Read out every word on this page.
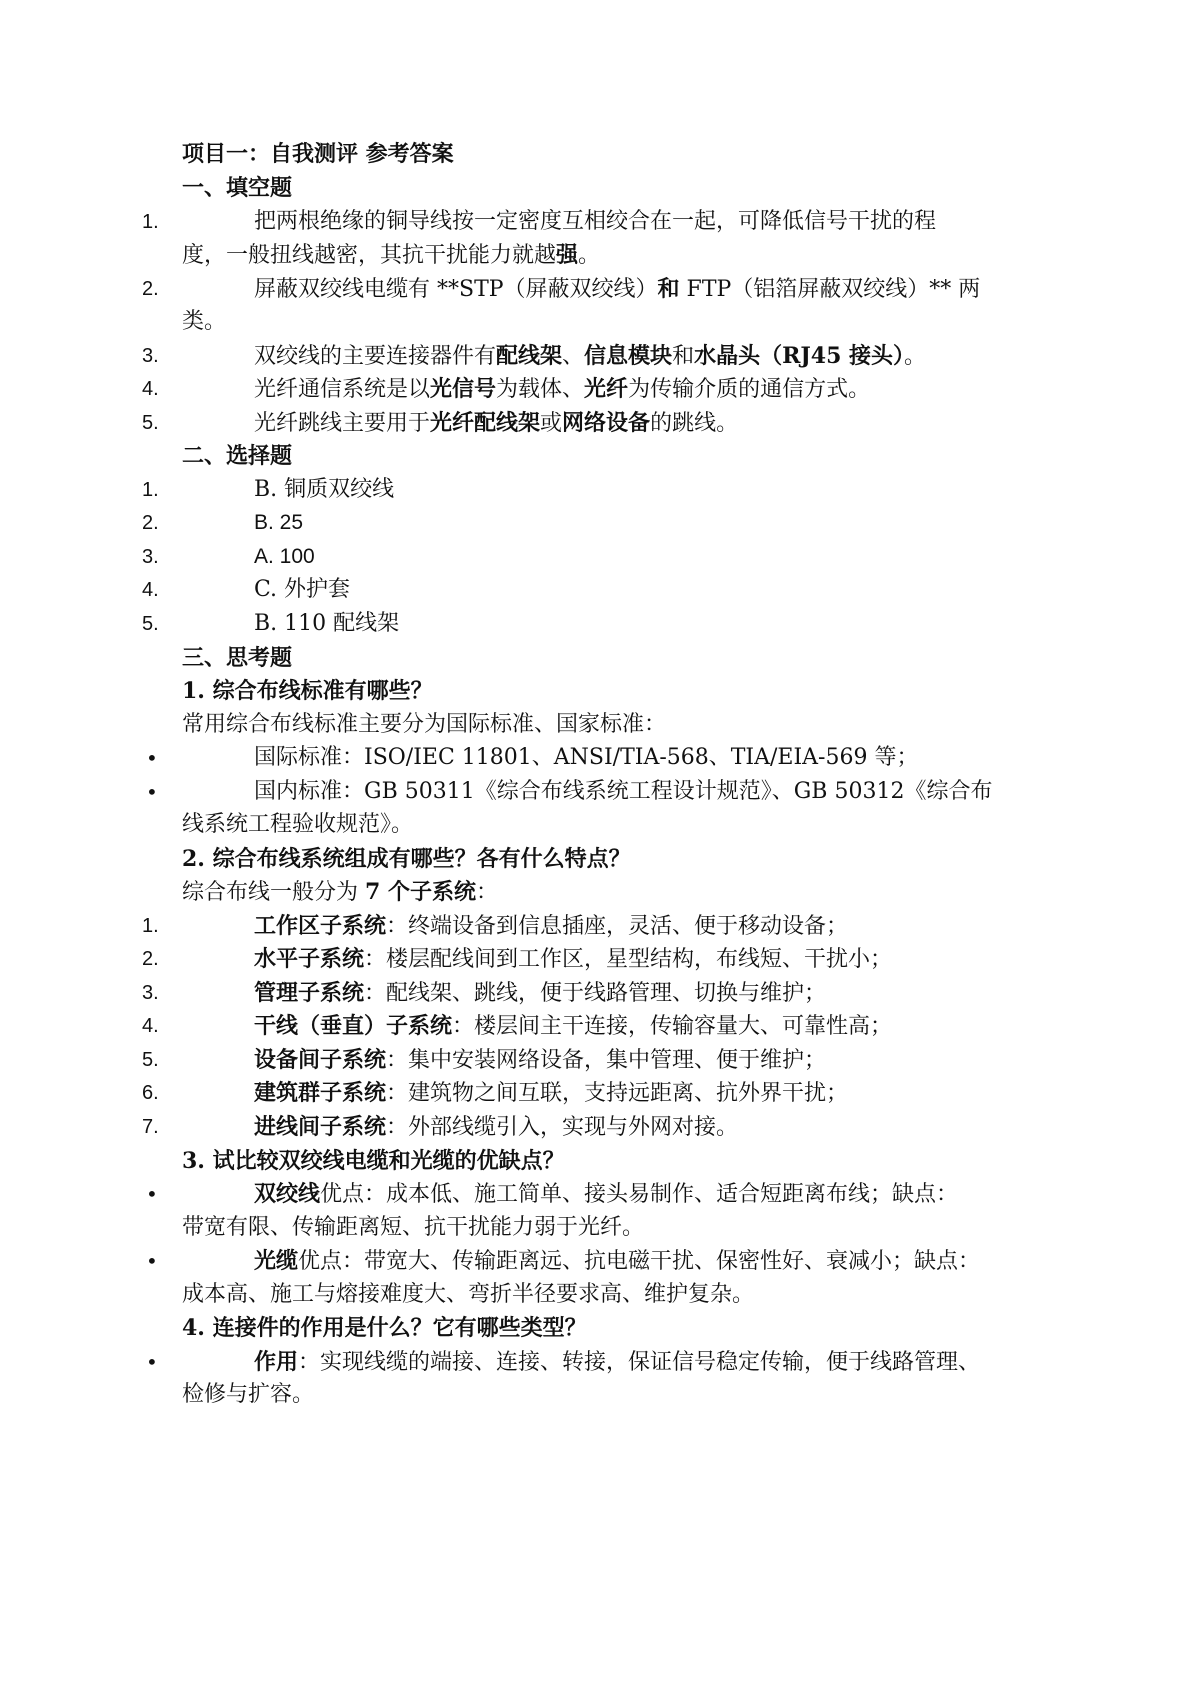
项目一：自我测评 参考答案
一、填空题
1.	把两根绝缘的铜导线按一定密度互相绞合在一起，可降低信号干扰的程
度，一般扭线越密，其抗干扰能力就越强。
2.	屏蔽双绞线电缆有 **STP（屏蔽双绞线）和 FTP（铝箔屏蔽双绞线）** 两
类。
3.	双绞线的主要连接器件有配线架、信息模块和水晶头（RJ45 接头）。
4.	光纤通信系统是以光信号为载体、光纤为传输介质的通信方式。
5.	光纤跳线主要用于光纤配线架或网络设备的跳线。
二、选择题
1.	B. 铜质双绞线
2.	B. 25
3.	A. 100
4.	C. 外护套
5.	B. 110 配线架
三、思考题
1. 综合布线标准有哪些？
常用综合布线标准主要分为国际标准、国家标准：
•	国际标准：ISO/IEC 11801、ANSI/TIA-568、TIA/EIA-569 等；
•	国内标准：GB 50311《综合布线系统工程设计规范》、GB 50312《综合布
线系统工程验收规范》。
2. 综合布线系统组成有哪些？各有什么特点？
综合布线一般分为 7 个子系统：
1.	工作区子系统：终端设备到信息插座，灵活、便于移动设备；
2.	水平子系统：楼层配线间到工作区，星型结构，布线短、干扰小；
3.	管理子系统：配线架、跳线，便于线路管理、切换与维护；
4.	干线（垂直）子系统：楼层间主干连接，传输容量大、可靠性高；
5.	设备间子系统：集中安装网络设备，集中管理、便于维护；
6.	建筑群子系统：建筑物之间互联，支持远距离、抗外界干扰；
7.	进线间子系统：外部线缆引入，实现与外网对接。
3. 试比较双绞线电缆和光缆的优缺点？
•	双绞线优点：成本低、施工简单、接头易制作、适合短距离布线；缺点：
带宽有限、传输距离短、抗干扰能力弱于光纤。
•	光缆优点：带宽大、传输距离远、抗电磁干扰、保密性好、衰减小；缺点：
成本高、施工与熔接难度大、弯折半径要求高、维护复杂。
4. 连接件的作用是什么？它有哪些类型？
•	作用：实现线缆的端接、连接、转接，保证信号稳定传输，便于线路管理、
检修与扩容。
